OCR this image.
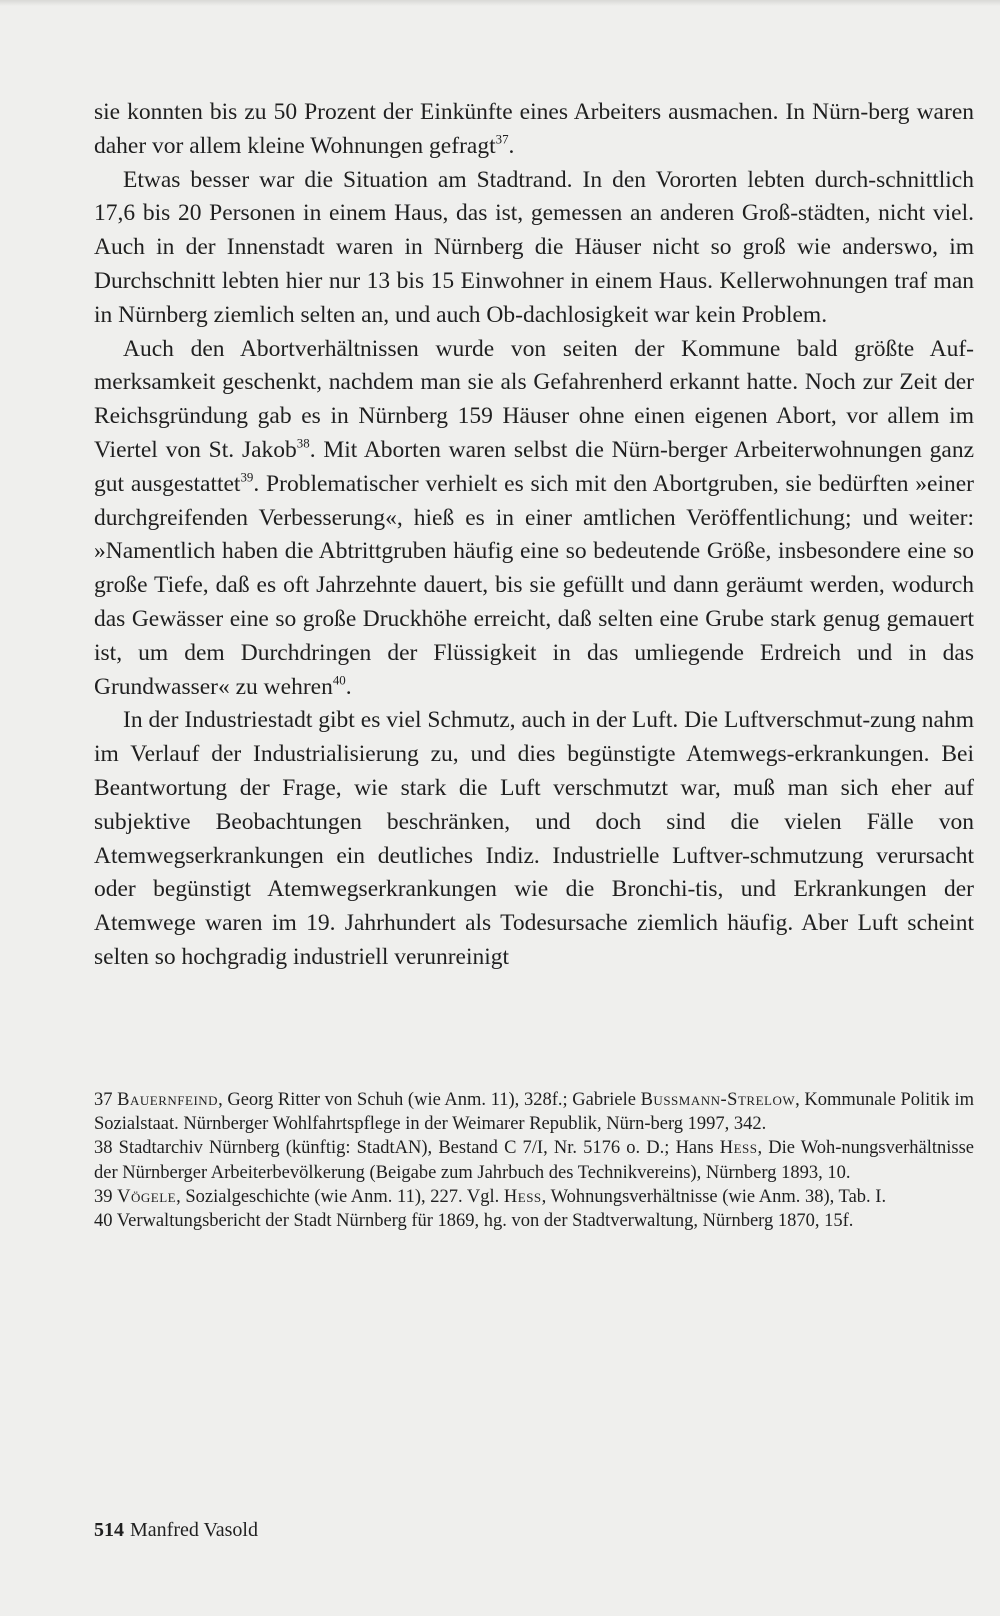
sie konnten bis zu 50 Prozent der Einkünfte eines Arbeiters ausmachen. In Nürn-berg waren daher vor allem kleine Wohnungen gefragt$^{37}$.

Etwas besser war die Situation am Stadtrand. In den Vororten lebten durch-schnittlich 17,6 bis 20 Personen in einem Haus, das ist, gemessen an anderen Groß-städten, nicht viel. Auch in der Innenstadt waren in Nürnberg die Häuser nicht so groß wie anderswo, im Durchschnitt lebten hier nur 13 bis 15 Einwohner in einem Haus. Kellerwohnungen traf man in Nürnberg ziemlich selten an, und auch Ob-dachlosigkeit war kein Problem.

Auch den Abortverhältnissen wurde von seiten der Kommune bald größte Auf-merksamkeit geschenkt, nachdem man sie als Gefahrenherd erkannt hatte. Noch zur Zeit der Reichsgründung gab es in Nürnberg 159 Häuser ohne einen eigenen Abort, vor allem im Viertel von St. Jakob$^{38}$. Mit Aborten waren selbst die Nürn-berger Arbeiterwohnungen ganz gut ausgestattet$^{39}$. Problematischer verhielt es sich mit den Abortgruben, sie bedürften »einer durchgreifenden Verbesserung«, hieß es in einer amtlichen Veröffentlichung; und weiter: »Namentlich haben die Abtrittgruben häufig eine so bedeutende Größe, insbesondere eine so große Tiefe, daß es oft Jahrzehnte dauert, bis sie gefüllt und dann geräumt werden, wodurch das Gewässer eine so große Druckhöhe erreicht, daß selten eine Grube stark genug gemauert ist, um dem Durchdringen der Flüssigkeit in das umliegende Erdreich und in das Grundwasser« zu wehren$^{40}$.

In der Industriestadt gibt es viel Schmutz, auch in der Luft. Die Luftverschmut-zung nahm im Verlauf der Industrialisierung zu, und dies begünstigte Atemwegs-erkrankungen. Bei Beantwortung der Frage, wie stark die Luft verschmutzt war, muß man sich eher auf subjektive Beobachtungen beschränken, und doch sind die vielen Fälle von Atemwegserkrankungen ein deutliches Indiz. Industrielle Luftver-schmutzung verursacht oder begünstigt Atemwegserkrankungen wie die Bronchi-tis, und Erkrankungen der Atemwege waren im 19. Jahrhundert als Todesursache ziemlich häufig. Aber Luft scheint selten so hochgradig industriell verunreinigt

37 Bauernfeind, Georg Ritter von Schuh (wie Anm. 11), 328f.; Gabriele Bussmann-Strelow, Kommunale Politik im Sozialstaat. Nürnberger Wohlfahrtspflege in der Weimarer Republik, Nürn-berg 1997, 342.

38 Stadtarchiv Nürnberg (künftig: StadtAN), Bestand C 7/I, Nr. 5176 o. D.; Hans Hess, Die Woh-nungsverhältnisse der Nürnberger Arbeiterbevölkerung (Beigabe zum Jahrbuch des Technikvereins), Nürnberg 1893, 10.

39 Vögele, Sozialgeschichte (wie Anm. 11), 227. Vgl. Hess, Wohnungsverhältnisse (wie Anm. 38), Tab. I.

40 Verwaltungsbericht der Stadt Nürnberg für 1869, hg. von der Stadtverwaltung, Nürnberg 1870, 15f.

514 Manfred Vasold
